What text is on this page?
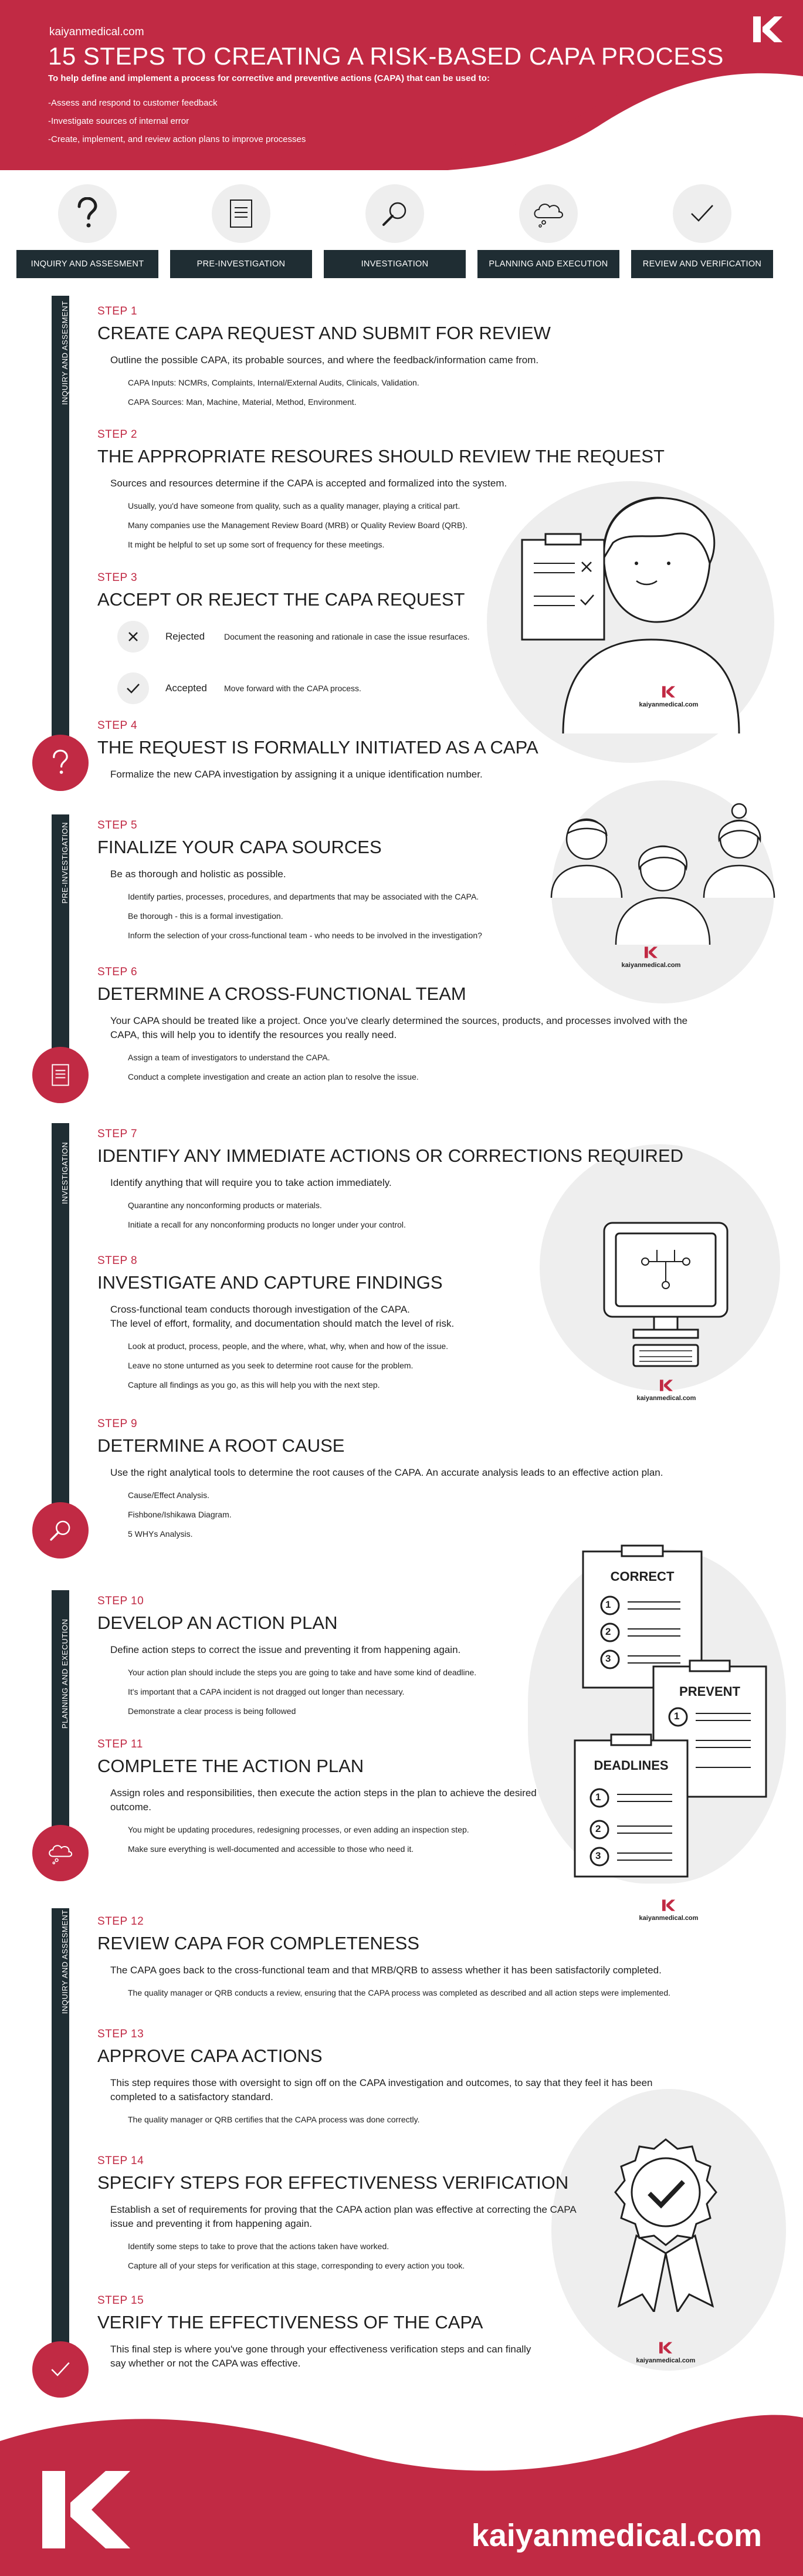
kaiyanmedical.com
15 STEPS TO CREATING A RISK-BASED CAPA PROCESS
To help define and implement a process for corrective and preventive actions (CAPA) that can be used to:
-Assess and respond to customer feedback
-Investigate sources of internal error
-Create, implement, and review action plans to improve processes
INQUIRY AND ASSESMENT	PRE-INVESTIGATION	INVESTIGATION	PLANNING AND EXECUTION	REVIEW AND VERIFICATION
INQUIRY AND ASSESMENT
PRE-INVESTIGATION
INVESTIGATION
PLANNING AND EXECUTION
INQUIRY AND ASSESMENT
kaiyanmedical.com
kaiyanmedical.com
kaiyanmedical.com
CORRECT
1
2
3
PREVENT
1
DEADLINES
1
2
3
kaiyanmedical.com
kaiyanmedical.com
STEP 1
CREATE CAPA REQUEST AND SUBMIT FOR REVIEW
Outline the possible CAPA, its probable sources, and where the feedback/information came from.
CAPA Inputs: NCMRs, Complaints, Internal/External Audits, Clinicals, Validation.
CAPA Sources: Man, Machine, Material, Method, Environment.
STEP 2
THE APPROPRIATE RESOURES SHOULD REVIEW THE REQUEST
Sources and resources determine if the CAPA is accepted and formalized into the system.
Usually, you'd have someone from quality, such as a quality manager, playing a critical part.
Many companies use the Management Review Board (MRB) or Quality Review Board (QRB).
It might be helpful to set up some sort of frequency for these meetings.
STEP 3
ACCEPT OR REJECT THE CAPA REQUEST
Rejected	Document the reasoning and rationale in case the issue resurfaces.
Accepted	Move forward with the CAPA process.
STEP 4
THE REQUEST IS FORMALLY INITIATED AS A CAPA
Formalize the new CAPA investigation by assigning it a unique identification number.
STEP 5
FINALIZE YOUR CAPA SOURCES
Be as thorough and holistic as possible.
Identify parties, processes, procedures, and departments that may be associated with the CAPA.
Be thorough - this is a formal investigation.
Inform the selection of your cross-functional team - who needs to be involved in the investigation?
STEP 6
DETERMINE A CROSS-FUNCTIONAL TEAM
Your CAPA should be treated like a project. Once you've clearly determined the sources, products, and processes involved with the CAPA, this will help you to identify the resources you really need.
Assign a team of investigators to understand the CAPA.
Conduct a complete investigation and create an action plan to resolve the issue.
STEP 7
IDENTIFY ANY IMMEDIATE ACTIONS OR CORRECTIONS REQUIRED
Identify anything that will require you to take action immediately.
Quarantine any nonconforming products or materials.
Initiate a recall for any nonconforming products no longer under your control.
STEP 8
INVESTIGATE AND CAPTURE FINDINGS
Cross-functional team conducts thorough investigation of the CAPA.
The level of effort, formality, and documentation should match the level of risk.
Look at product, process, people, and the where, what, why, when and how of the issue.
Leave no stone unturned as you seek to determine root cause for the problem.
Capture all findings as you go, as this will help you with the next step.
STEP 9
DETERMINE A ROOT CAUSE
Use the right analytical tools to determine the root causes of the CAPA. An accurate analysis leads to an effective action plan.
Cause/Effect Analysis.
Fishbone/Ishikawa Diagram.
5 WHYs Analysis.
STEP 10
DEVELOP AN ACTION PLAN
Define action steps to correct the issue and preventing it from happening again.
Your action plan should include the steps you are going to take and have some kind of deadline.
It's important that a CAPA incident is not dragged out longer than necessary.
Demonstrate a clear process is being followed
STEP 11
COMPLETE THE ACTION PLAN
Assign roles and responsibilities, then execute the action steps in the plan to achieve the desired outcome.
You might be updating procedures, redesigning processes, or even adding an inspection step.
Make sure everything is well-documented and accessible to those who need it.
STEP 12
REVIEW CAPA FOR COMPLETENESS
The CAPA goes back to the cross-functional team and that MRB/QRB to assess whether it has been satisfactorily completed.
The quality manager or QRB conducts a review, ensuring that the CAPA process was completed as described and all action steps were implemented.
STEP 13
APPROVE CAPA ACTIONS
This step requires those with oversight to sign off on the CAPA investigation and outcomes, to say that they feel it has been completed to a satisfactory standard.
The quality manager or QRB certifies that the CAPA process was done correctly.
STEP 14
SPECIFY STEPS FOR EFFECTIVENESS VERIFICATION
Establish a set of requirements for proving that the CAPA action plan was effective at correcting the CAPA issue and preventing it from happening again.
Identify some steps to take to prove that the actions taken have worked.
Capture all of your steps for verification at this stage, corresponding to every action you took.
STEP 15
VERIFY THE EFFECTIVENESS OF THE CAPA
This final step is where you've gone through your effectiveness verification steps and can finally say whether or not the CAPA was effective.
kaiyanmedical.com
